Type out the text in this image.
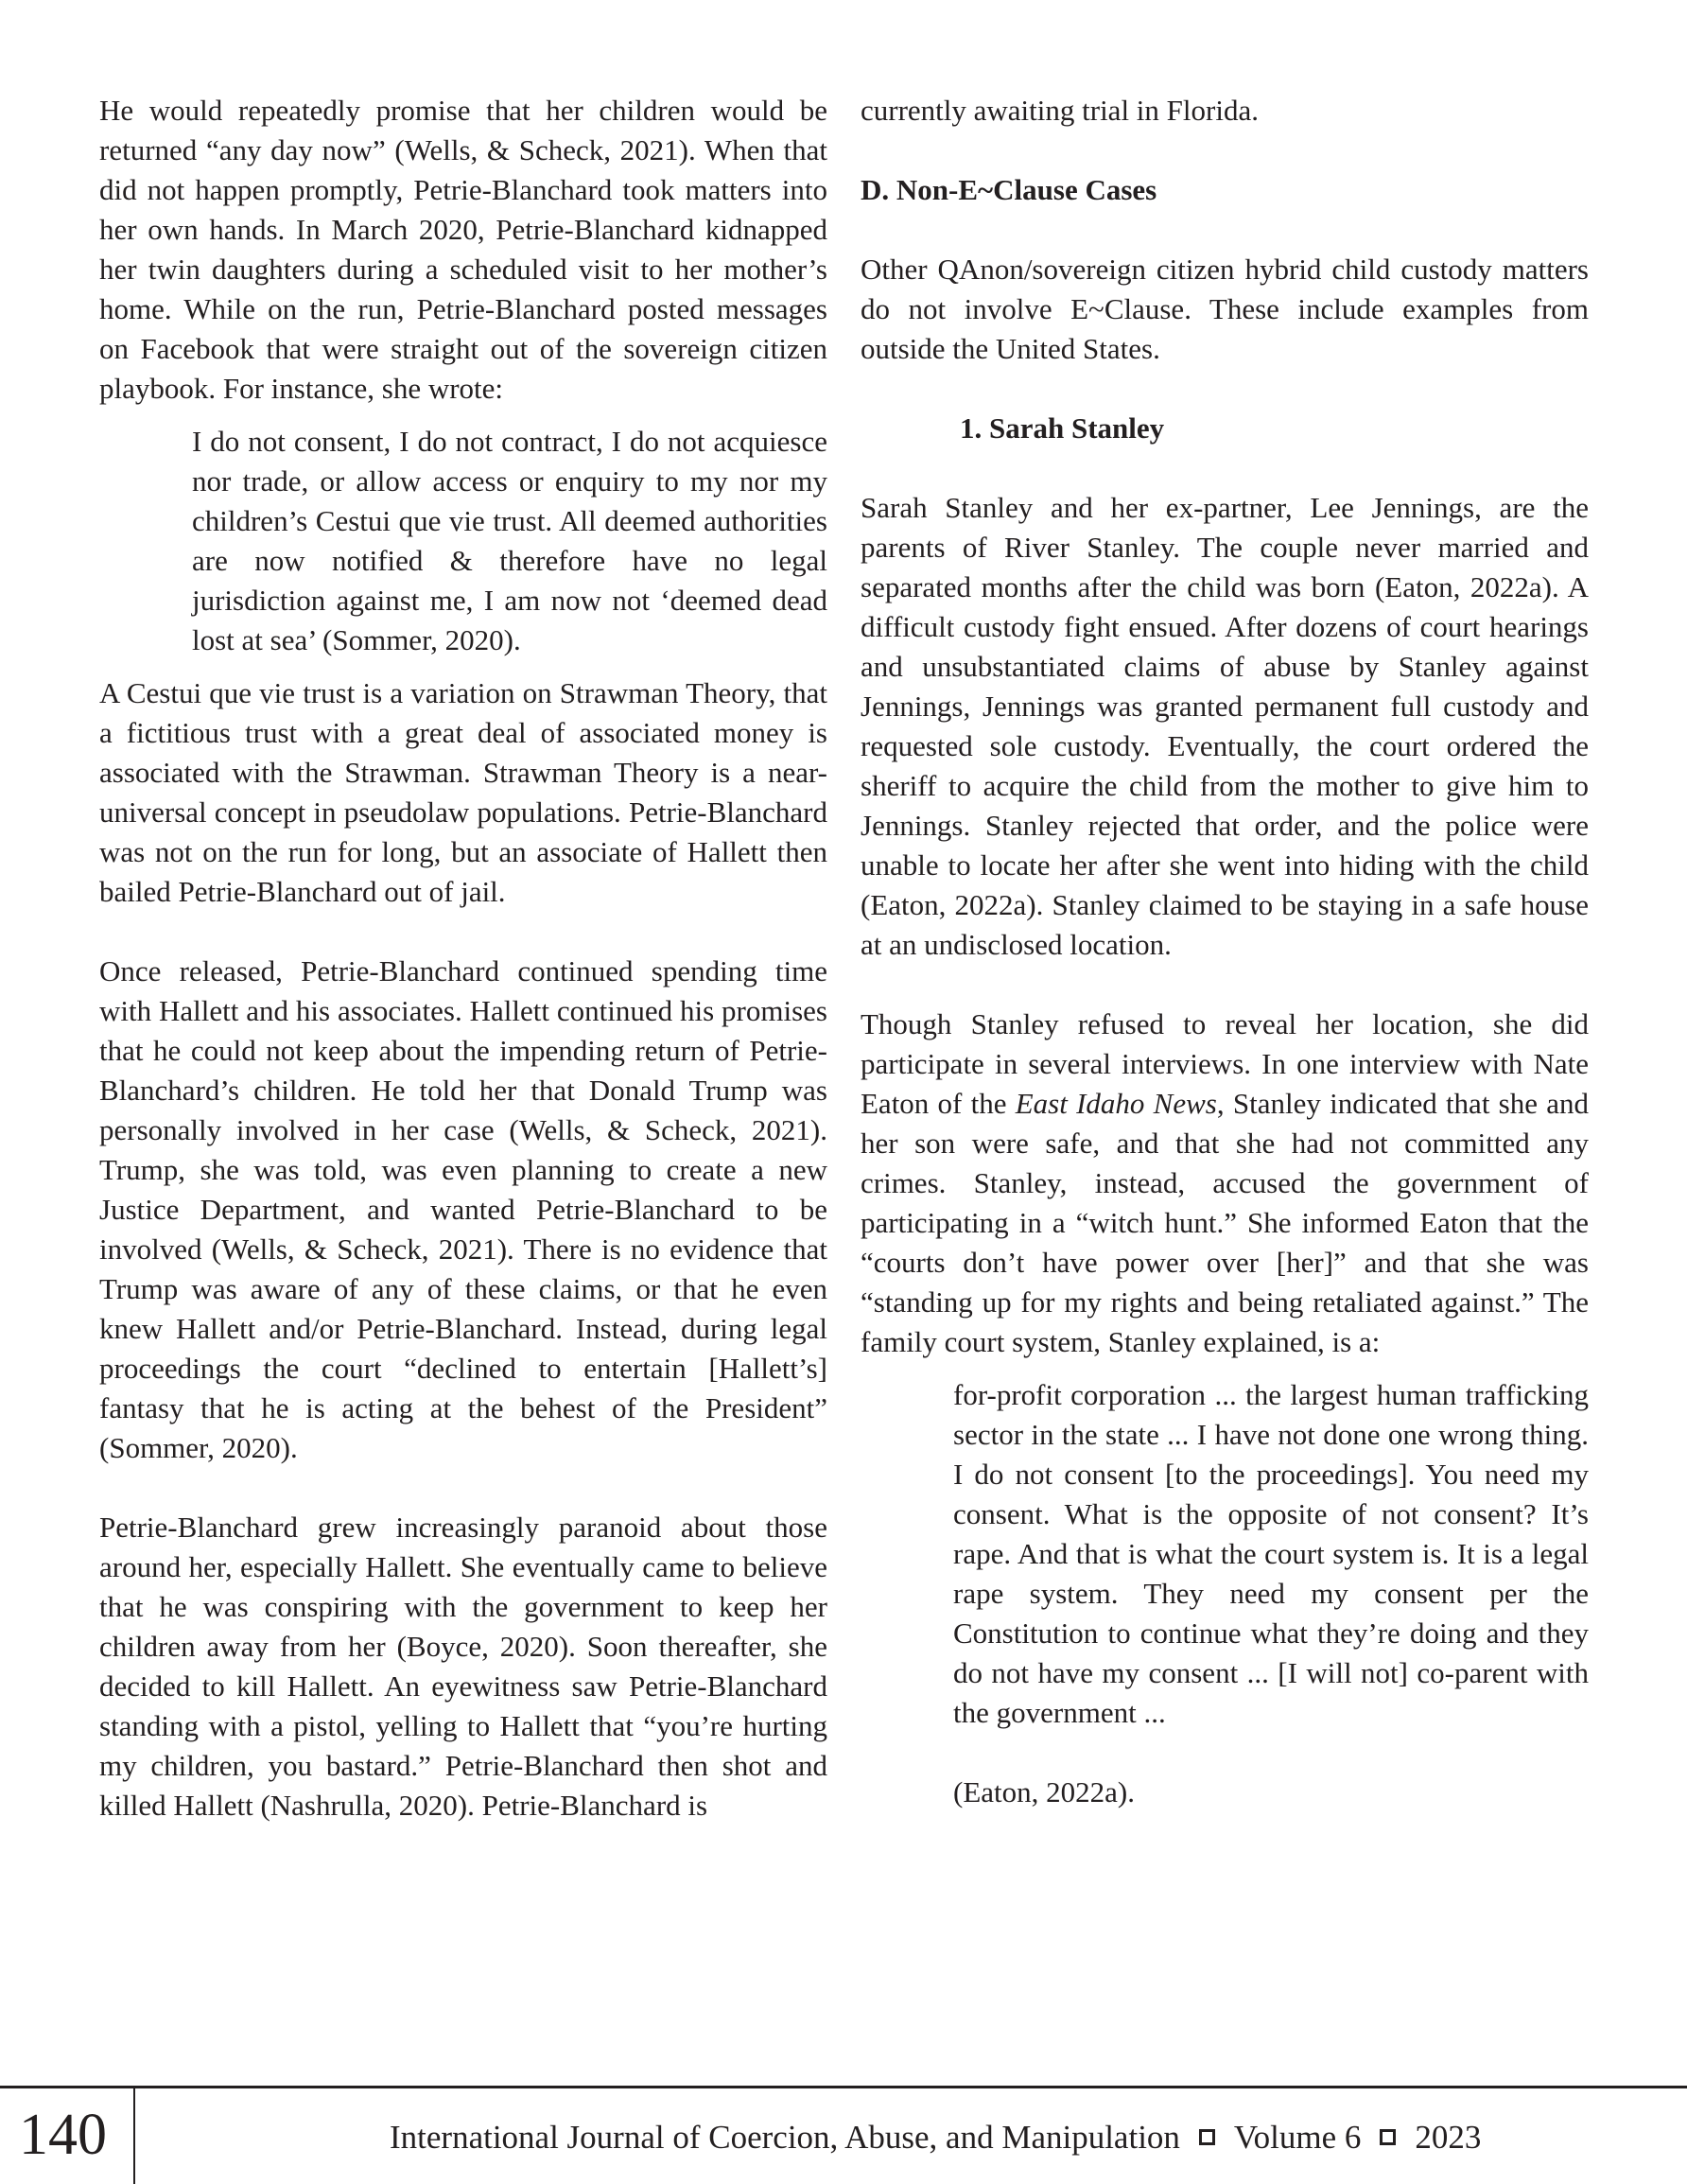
He would repeatedly promise that her children would be returned “any day now” (Wells, & Scheck, 2021). When that did not happen promptly, Petrie-Blanchard took matters into her own hands. In March 2020, Petrie-Blanchard kidnapped her twin daughters during a scheduled visit to her mother’s home. While on the run, Petrie-Blanchard posted messages on Facebook that were straight out of the sovereign citizen playbook. For instance, she wrote:

I do not consent, I do not contract, I do not acquiesce nor trade, or allow access or enquiry to my nor my children’s Cestui que vie trust. All deemed authorities are now notified & therefore have no legal jurisdiction against me, I am now not ‘deemed dead lost at sea’ (Sommer, 2020).

A Cestui que vie trust is a variation on Strawman Theory, that a fictitious trust with a great deal of associated money is associated with the Strawman. Strawman Theory is a near-universal concept in pseudolaw populations. Petrie-Blanchard was not on the run for long, but an associate of Hallett then bailed Petrie-Blanchard out of jail.

Once released, Petrie-Blanchard continued spending time with Hallett and his associates. Hallett continued his promises that he could not keep about the impending return of Petrie-Blanchard’s children. He told her that Donald Trump was personally involved in her case (Wells, & Scheck, 2021). Trump, she was told, was even planning to create a new Justice Department, and wanted Petrie-Blanchard to be involved (Wells, & Scheck, 2021). There is no evidence that Trump was aware of any of these claims, or that he even knew Hallett and/or Petrie-Blanchard. Instead, during legal proceedings the court “declined to entertain [Hallett’s] fantasy that he is acting at the behest of the President” (Sommer, 2020).

Petrie-Blanchard grew increasingly paranoid about those around her, especially Hallett. She eventually came to believe that he was conspiring with the government to keep her children away from her (Boyce, 2020). Soon thereafter, she decided to kill Hallett. An eyewitness saw Petrie-Blanchard standing with a pistol, yelling to Hallett that “you’re hurting my children, you bastard.” Petrie-Blanchard then shot and killed Hallett (Nashrulla, 2020). Petrie-Blanchard is

currently awaiting trial in Florida.

D. Non-E~Clause Cases

Other QAnon/sovereign citizen hybrid child custody matters do not involve E~Clause. These include examples from outside the United States.

1. Sarah Stanley

Sarah Stanley and her ex-partner, Lee Jennings, are the parents of River Stanley. The couple never married and separated months after the child was born (Eaton, 2022a). A difficult custody fight ensued. After dozens of court hearings and unsubstantiated claims of abuse by Stanley against Jennings, Jennings was granted permanent full custody and requested sole custody. Eventually, the court ordered the sheriff to acquire the child from the mother to give him to Jennings. Stanley rejected that order, and the police were unable to locate her after she went into hiding with the child (Eaton, 2022a). Stanley claimed to be staying in a safe house at an undisclosed location.

Though Stanley refused to reveal her location, she did participate in several interviews. In one interview with Nate Eaton of the East Idaho News, Stanley indicated that she and her son were safe, and that she had not committed any crimes. Stanley, instead, accused the government of participating in a “witch hunt.” She informed Eaton that the “courts don’t have power over [her]” and that she was “standing up for my rights and being retaliated against.” The family court system, Stanley explained, is a:

for-profit corporation ... the largest human trafficking sector in the state ... I have not done one wrong thing. I do not consent [to the proceedings]. You need my consent. What is the opposite of not consent? It’s rape. And that is what the court system is. It is a legal rape system. They need my consent per the Constitution to continue what they’re doing and they do not have my consent ... [I will not] co-parent with the government ...

(Eaton, 2022a).

140	International Journal of Coercion, Abuse, and Manipulation Volume 6 2023
